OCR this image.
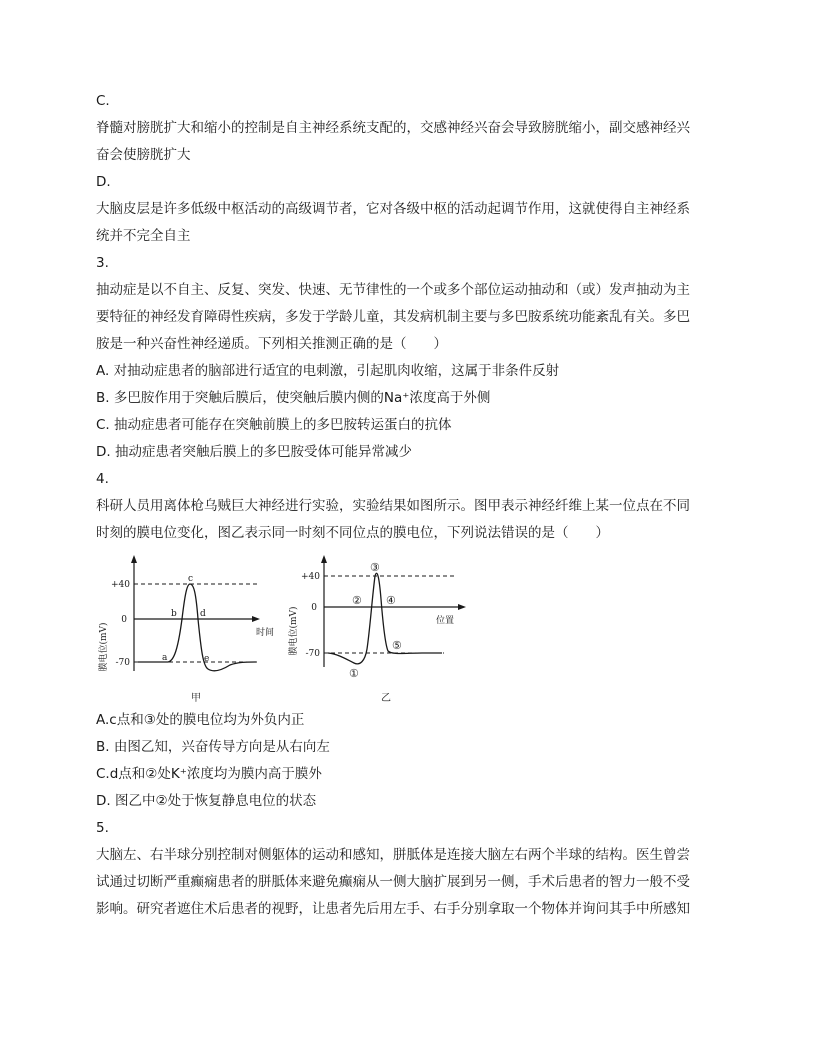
C.
脊髓对膀胱扩大和缩小的控制是自主神经系统支配的，交感神经兴奋会导致膀胱缩小，副交感神经兴
奋会使膀胱扩大
D.
大脑皮层是许多低级中枢活动的高级调节者，它对各级中枢的活动起调节作用，这就使得自主神经系
统并不完全自主
3.
抽动症是以不自主、反复、突发、快速、无节律性的一个或多个部位运动抽动和（或）发声抽动为主
要特征的神经发育障碍性疾病，多发于学龄儿童，其发病机制主要与多巴胺系统功能紊乱有关。多巴
胺是一种兴奋性神经递质。下列相关推测正确的是（　　）
A. 对抽动症患者的脑部进行适宜的电刺激，引起肌肉收缩，这属于非条件反射
B. 多巴胺作用于突触后膜后，使突触后膜内侧的Na⁺浓度高于外侧
C. 抽动症患者可能存在突触前膜上的多巴胺转运蛋白的抗体
D. 抽动症患者突触后膜上的多巴胺受体可能异常减少
4.
科研人员用离体枪乌贼巨大神经进行实验，实验结果如图所示。图甲表示神经纤维上某一位点在不同
时刻的膜电位变化，图乙表示同一时刻不同位点的膜电位，下列说法错误的是（　　）
膜电位(mV)
+40
0
-70
时间
a
b
c
d
e
甲
膜电位(mV)
+40
0
-70
位置
①
②
③
④
⑤
乙
A.c点和③处的膜电位均为外负内正
B. 由图乙知，兴奋传导方向是从右向左
C.d点和②处K⁺浓度均为膜内高于膜外
D. 图乙中②处于恢复静息电位的状态
5.
大脑左、右半球分别控制对侧躯体的运动和感知，胼胝体是连接大脑左右两个半球的结构。医生曾尝
试通过切断严重癫痫患者的胼胝体来避免癫痫从一侧大脑扩展到另一侧，手术后患者的智力一般不受
影响。研究者遮住术后患者的视野，让患者先后用左手、右手分别拿取一个物体并询问其手中所感知
